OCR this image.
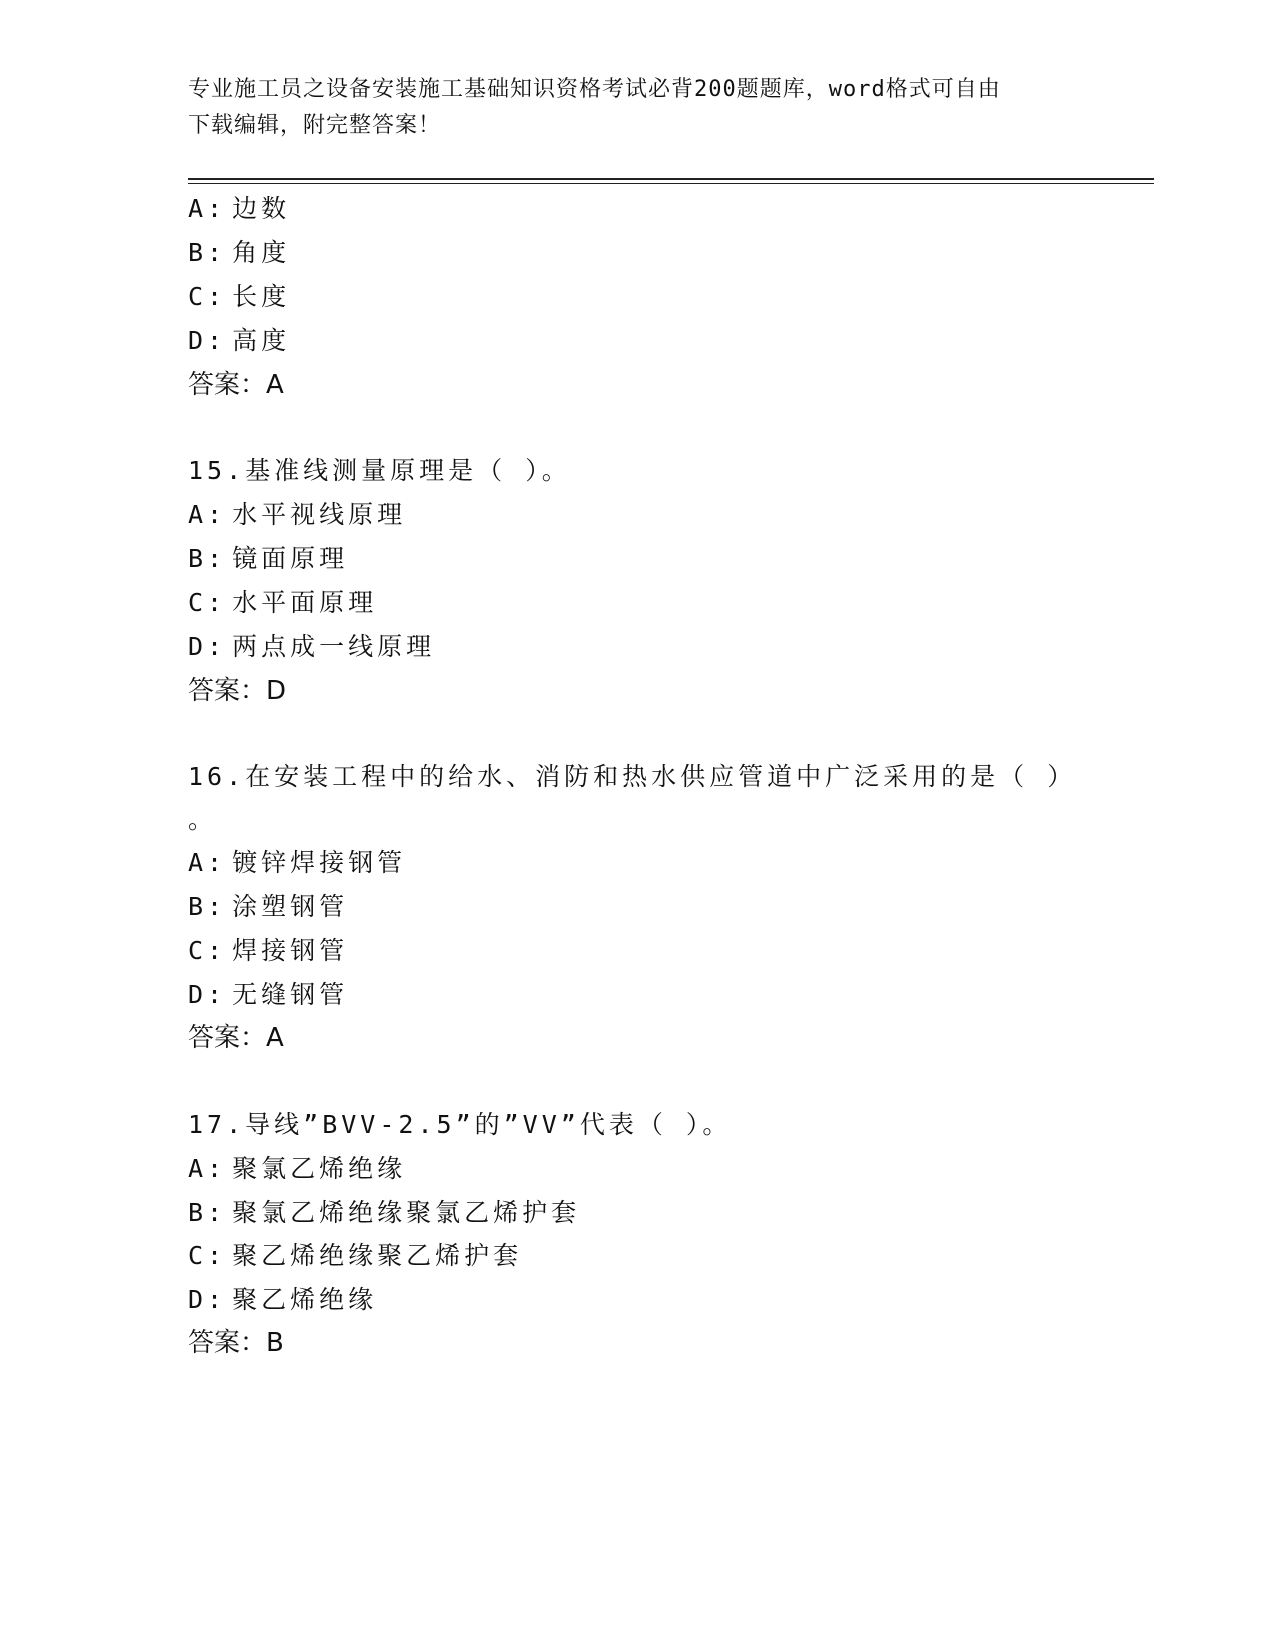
专业施工员之设备安装施工基础知识资格考试必背200题题库，word格式可自由
下载编辑，附完整答案！
A: 边数
B: 角度
C: 长度
D: 高度
答案：A
15.基准线测量原理是（ ）。
A: 水平视线原理
B: 镜面原理
C: 水平面原理
D: 两点成一线原理
答案：D
16.在安装工程中的给水、消防和热水供应管道中广泛采用的是（ ）
。
A: 镀锌焊接钢管
B: 涂塑钢管
C: 焊接钢管
D: 无缝钢管
答案：A
17.导线”BVV-2.5”的”VV”代表（ ）。
A: 聚氯乙烯绝缘
B: 聚氯乙烯绝缘聚氯乙烯护套
C: 聚乙烯绝缘聚乙烯护套
D: 聚乙烯绝缘
答案：B
